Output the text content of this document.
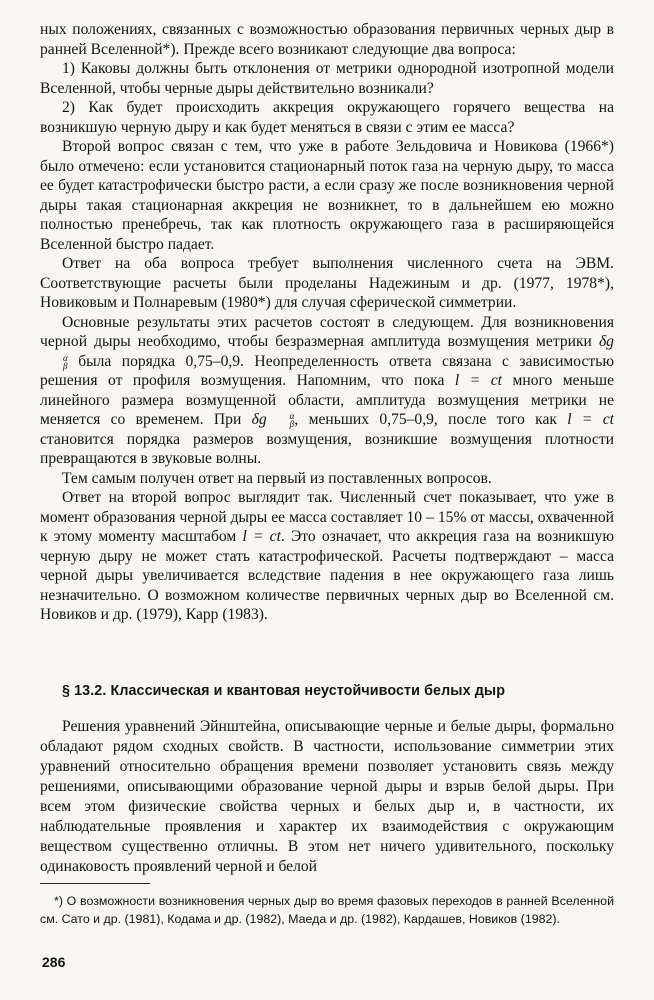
ных положениях, связанных с возможностью образования первичных черных дыр в ранней Вселенной*). Прежде всего возникают следующие два вопроса:

1) Каковы должны быть отклонения от метрики однородной изотропной модели Вселенной, чтобы черные дыры действительно возникали?

2) Как будет происходить аккреция окружающего горячего вещества на возникшую черную дыру и как будет меняться в связи с этим ее масса?

Второй вопрос связан с тем, что уже в работе Зельдовича и Новикова (1966*) было отмечено: если установится стационарный поток газа на черную дыру, то масса ее будет катастрофически быстро расти, а если сразу же после возникновения черной дыры такая стационарная аккреция не возникнет, то в дальнейшем ею можно полностью пренебречь, так как плотность окружающего газа в расширяющейся Вселенной быстро падает.

Ответ на оба вопроса требует выполнения численного счета на ЭВМ. Соответствующие расчеты были проделаны Надежиным и др. (1977, 1978*), Новиковым и Полнаревым (1980*) для случая сферической симметрии.

Основные результаты этих расчетов состоят в следующем. Для возникновения черной дыры необходимо, чтобы безразмерная амплитуда возмущения метрики δg
α
β была порядка 0,75–0,9. Неопределенность ответа связана с зависимостью решения от профиля возмущения. Напомним, что пока l = ct много меньше линейного размера возмущенной области, амплитуда возмущения метрики не меняется со временем. При δg	α
β , меньших 0,75–0,9, после того как l = ct становится порядка размеров возмущения, возникшие возмущения плотности превращаются в звуковые волны.

Тем самым получен ответ на первый из поставленных вопросов.

Ответ на второй вопрос выглядит так. Численный счет показывает, что уже в момент образования черной дыры ее масса составляет 10 – 15% от массы, охваченной к этому моменту масштабом l = ct. Это означает, что аккреция газа на возникшую черную дыру не может стать катастрофической. Расчеты подтверждают – масса черной дыры увеличивается вследствие падения в нее окружающего газа лишь незначительно. О возможном количестве первичных черных дыр во Вселенной см. Новиков и др. (1979), Карр (1983).

§ 13.2. Классическая и квантовая неустойчивости белых дыр

Решения уравнений Эйнштейна, описывающие черные и белые дыры, формально обладают рядом сходных свойств. В частности, использование симметрии этих уравнений относительно обращения времени позволяет установить связь между решениями, описывающими образование черной дыры и взрыв белой дыры. При всем этом физические свойства черных и белых дыр и, в частности, их наблюдательные проявления и характер их взаимодействия с окружающим веществом существенно отличны. В этом нет ничего удивительного, поскольку одинаковость проявлений черной и белой

*) О возможности возникновения черных дыр во время фазовых переходов в ранней Вселенной см. Сато и др. (1981), Кодама и др. (1982), Маеда и др. (1982), Кардашев, Новиков (1982).
286
